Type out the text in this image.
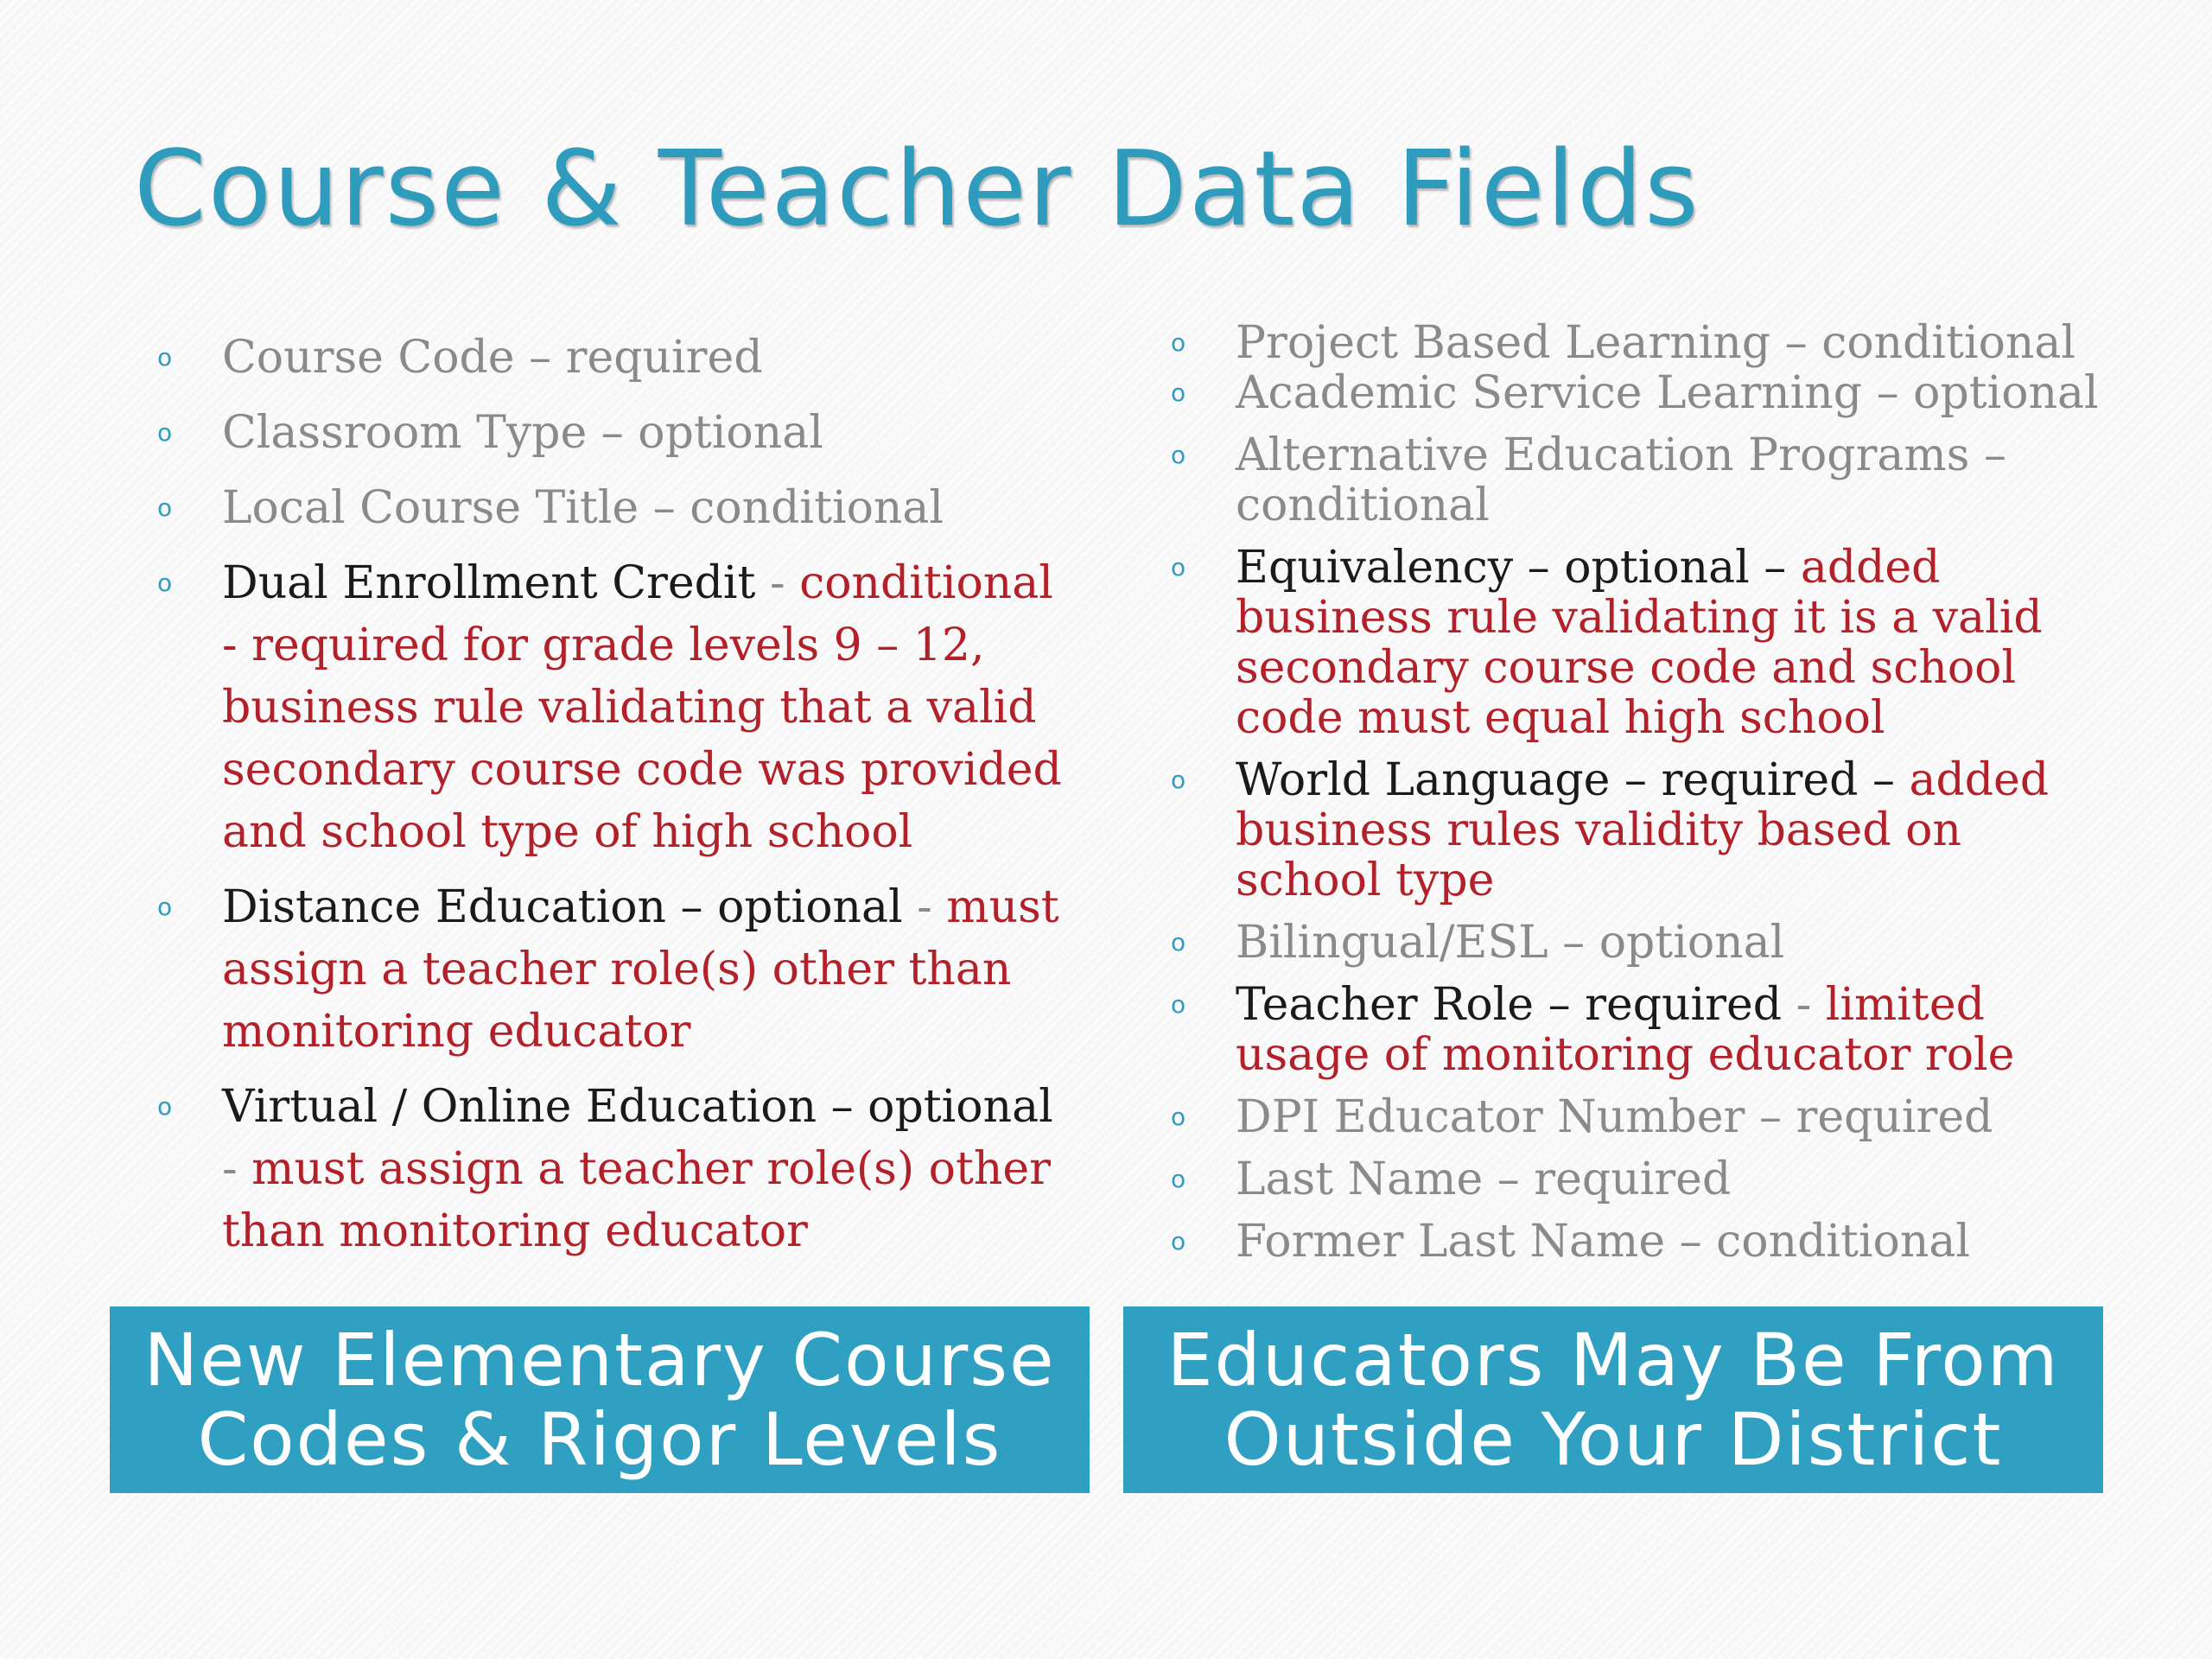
Course & Teacher Data Fields
o Course Code – required
o Classroom Type – optional
o Local Course Title – conditional
o Dual Enrollment Credit - conditional - required for grade levels 9 – 12, business rule validating that a valid secondary course code was provided and school type of high school
o Distance Education – optional - must assign a teacher role(s) other than monitoring educator
o Virtual / Online Education – optional - must assign a teacher role(s) other than monitoring educator
o Project Based Learning – conditional
o Academic Service Learning – optional
o Alternative Education Programs – conditional
o Equivalency – optional – added business rule validating it is a valid secondary course code and school code must equal high school
o World Language – required – added business rules validity based on school type
o Bilingual/ESL – optional
o Teacher Role – required - limited usage of monitoring educator role
o DPI Educator Number – required
o Last Name – required
o Former Last Name – conditional
New Elementary Course
Codes & Rigor Levels
Educators May Be From
Outside Your District
